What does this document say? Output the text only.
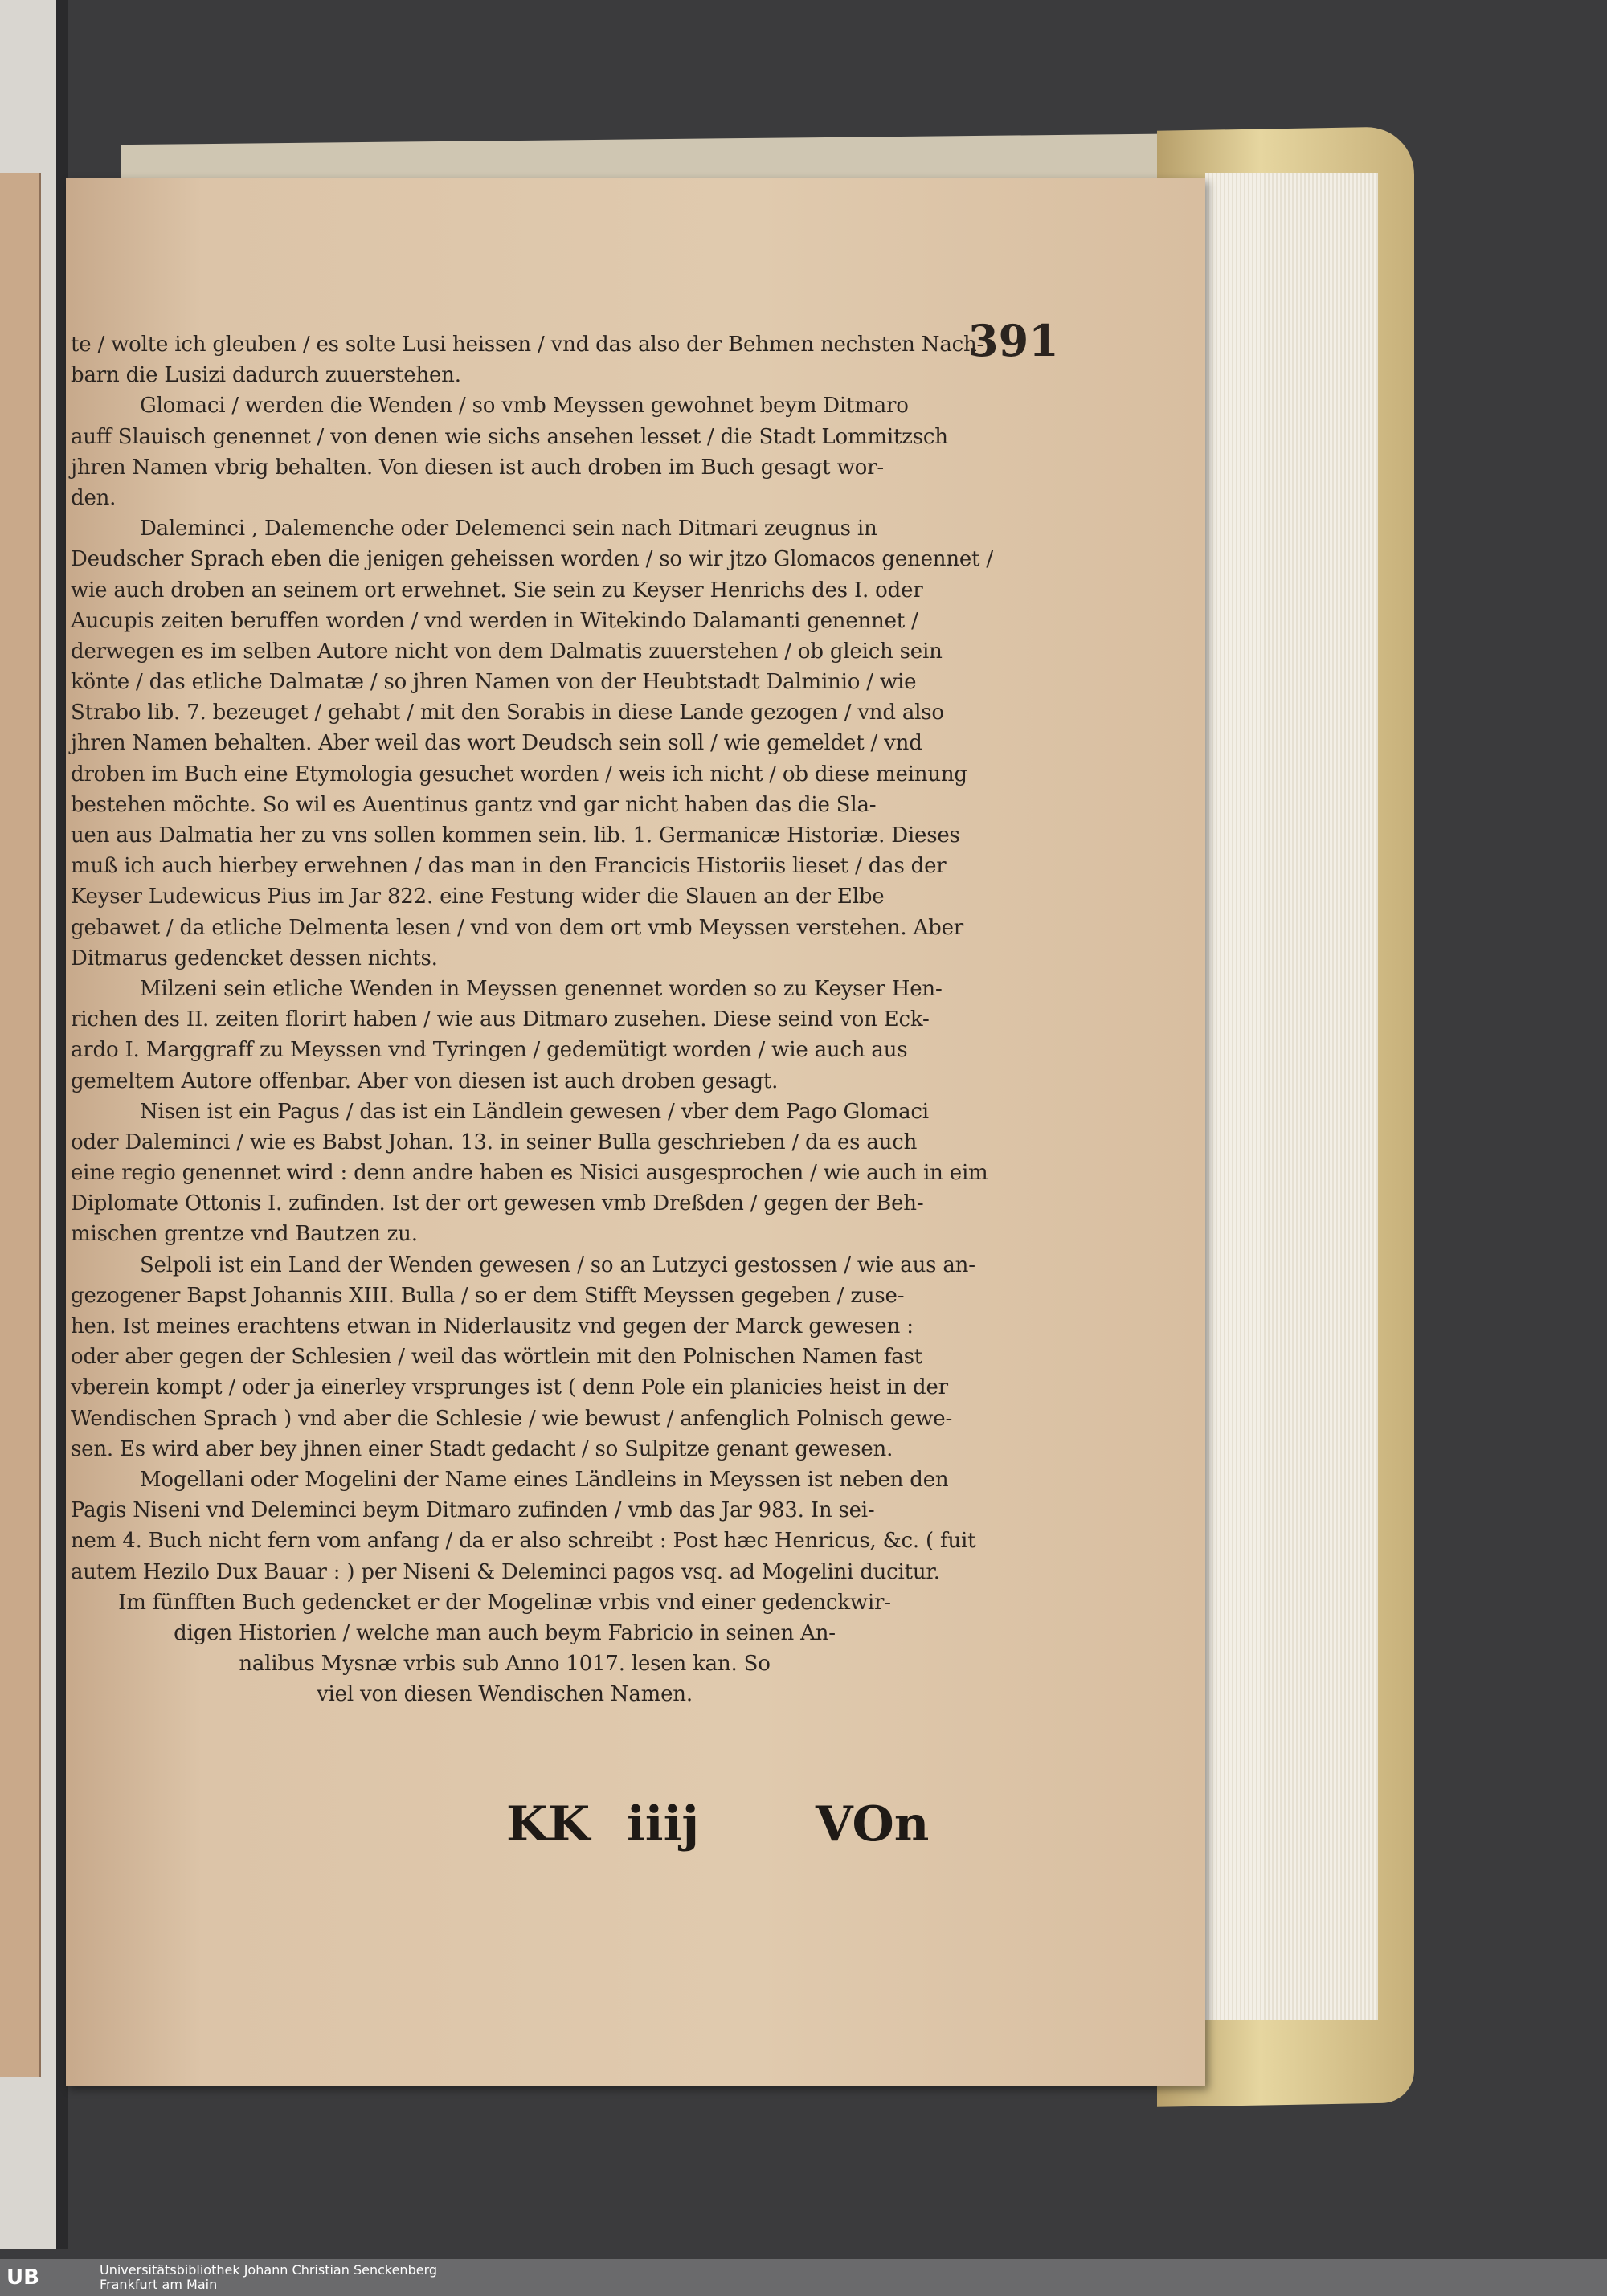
391
te / wolte ich gleuben / es solte Lusi heissen / vnd das also der Behmen nechsten Nach-
barn die Lusizi dadurch zuuerstehen.
Glomaci / werden die Wenden / so vmb Meyssen gewohnet beym Ditmaro
auff Slauisch genennet / von denen wie sichs ansehen lesset / die Stadt Lommitzsch
jhren Namen vbrig behalten. Von diesen ist auch droben im Buch gesagt wor-
den.
Daleminci , Dalemenche oder Delemenci sein nach Ditmari zeugnus in
Deudscher Sprach eben die jenigen geheissen worden / so wir jtzo Glomacos genennet /
wie auch droben an seinem ort erwehnet. Sie sein zu Keyser Henrichs des I. oder
Aucupis zeiten beruffen worden / vnd werden in Witekindo Dalamanti genennet /
derwegen es im selben Autore nicht von dem Dalmatis zuuerstehen / ob gleich sein
könte / das etliche Dalmatæ / so jhren Namen von der Heubtstadt Dalminio / wie
Strabo lib. 7. bezeuget / gehabt / mit den Sorabis in diese Lande gezogen / vnd also
jhren Namen behalten. Aber weil das wort Deudsch sein soll / wie gemeldet / vnd
droben im Buch eine Etymologia gesuchet worden / weis ich nicht / ob diese meinung
bestehen möchte. So wil es Auentinus gantz vnd gar nicht haben das die Sla-
uen aus Dalmatia her zu vns sollen kommen sein. lib. 1. Germanicæ Historiæ. Dieses
muß ich auch hierbey erwehnen / das man in den Francicis Historiis lieset / das der
Keyser Ludewicus Pius im Jar 822. eine Festung wider die Slauen an der Elbe
gebawet / da etliche Delmenta lesen / vnd von dem ort vmb Meyssen verstehen. Aber
Ditmarus gedencket dessen nichts.
Milzeni sein etliche Wenden in Meyssen genennet worden so zu Keyser Hen-
richen des II. zeiten florirt haben / wie aus Ditmaro zusehen. Diese seind von Eck-
ardo I. Marggraff zu Meyssen vnd Tyringen / gedemütigt worden / wie auch aus
gemeltem Autore offenbar. Aber von diesen ist auch droben gesagt.
Nisen ist ein Pagus / das ist ein Ländlein gewesen / vber dem Pago Glomaci
oder Daleminci / wie es Babst Johan. 13. in seiner Bulla geschrieben / da es auch
eine regio genennet wird : denn andre haben es Nisici ausgesprochen / wie auch in eim
Diplomate Ottonis I. zufinden. Ist der ort gewesen vmb Dreßden / gegen der Beh-
mischen grentze vnd Bautzen zu.
Selpoli ist ein Land der Wenden gewesen / so an Lutzyci gestossen / wie aus an-
gezogener Bapst Johannis XIII. Bulla / so er dem Stifft Meyssen gegeben / zuse-
hen. Ist meines erachtens etwan in Niderlausitz vnd gegen der Marck gewesen :
oder aber gegen der Schlesien / weil das wörtlein mit den Polnischen Namen fast
vberein kompt / oder ja einerley vrsprunges ist ( denn Pole ein planicies heist in der
Wendischen Sprach ) vnd aber die Schlesie / wie bewust / anfenglich Polnisch gewe-
sen. Es wird aber bey jhnen einer Stadt gedacht / so Sulpitze genant gewesen.
Mogellani oder Mogelini der Name eines Ländleins in Meyssen ist neben den
Pagis Niseni vnd Deleminci beym Ditmaro zufinden / vmb das Jar 983. In sei-
nem 4. Buch nicht fern vom anfang / da er also schreibt : Post hæc Henricus, &c. ( fuit
autem Hezilo Dux Bauar : ) per Niseni & Deleminci pagos vsq. ad Mogelini ducitur.
Im fünfften Buch gedencket er der Mogelinæ vrbis vnd einer gedenckwir-
digen Historien / welche man auch beym Fabricio in seinen An-
nalibus Mysnæ vrbis sub Anno 1017. lesen kan. So
viel von diesen Wendischen Namen.
KK iiij VOn
UB	Universitätsbibliothek Johann Christian Senckenberg
Frankfurt am Main
